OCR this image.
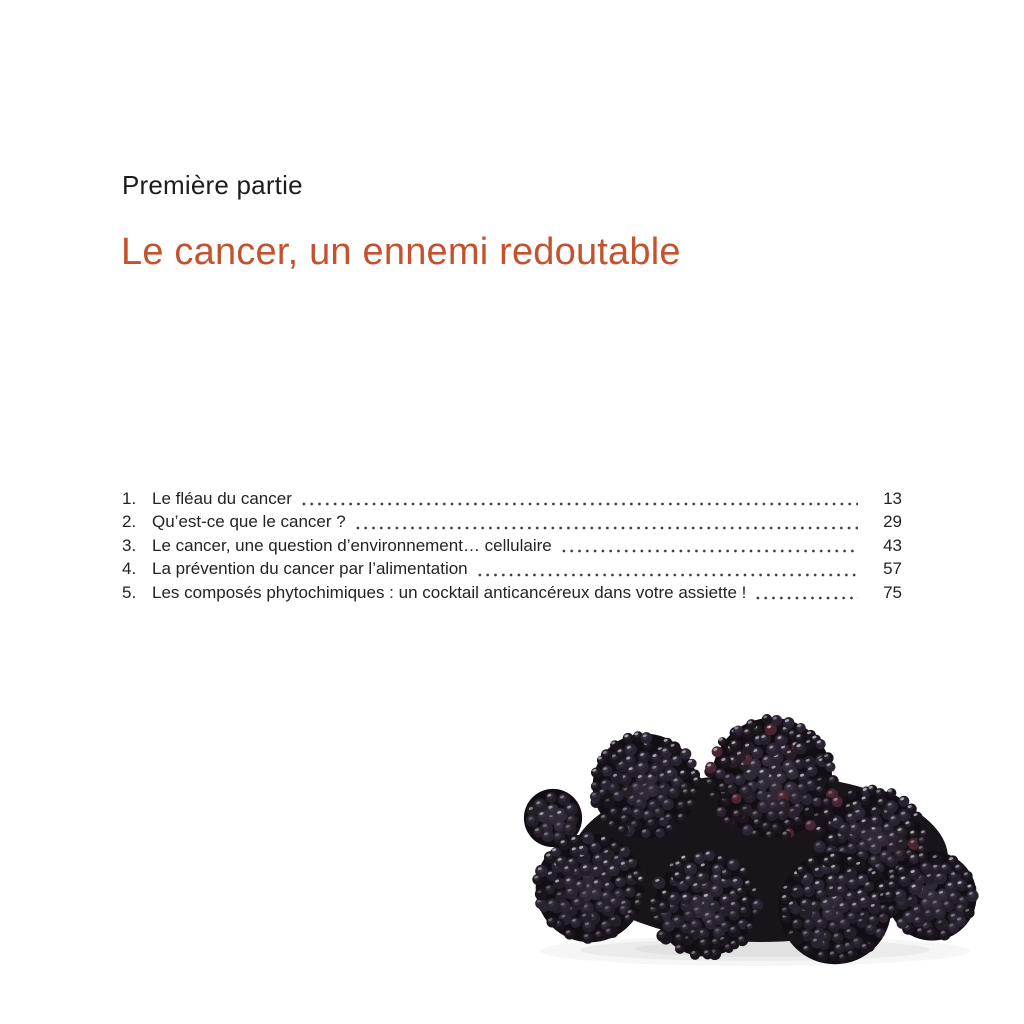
Première partie
Le cancer, un ennemi redoutable
1. Le fléau du cancer	13
2. Qu’est-ce que le cancer ?	29
3. Le cancer, une question d’environnement… cellulaire	43
4. La prévention du cancer par l’alimentation	57
5. Les composés phytochimiques : un cocktail anticancéreux dans votre assiette !	75
